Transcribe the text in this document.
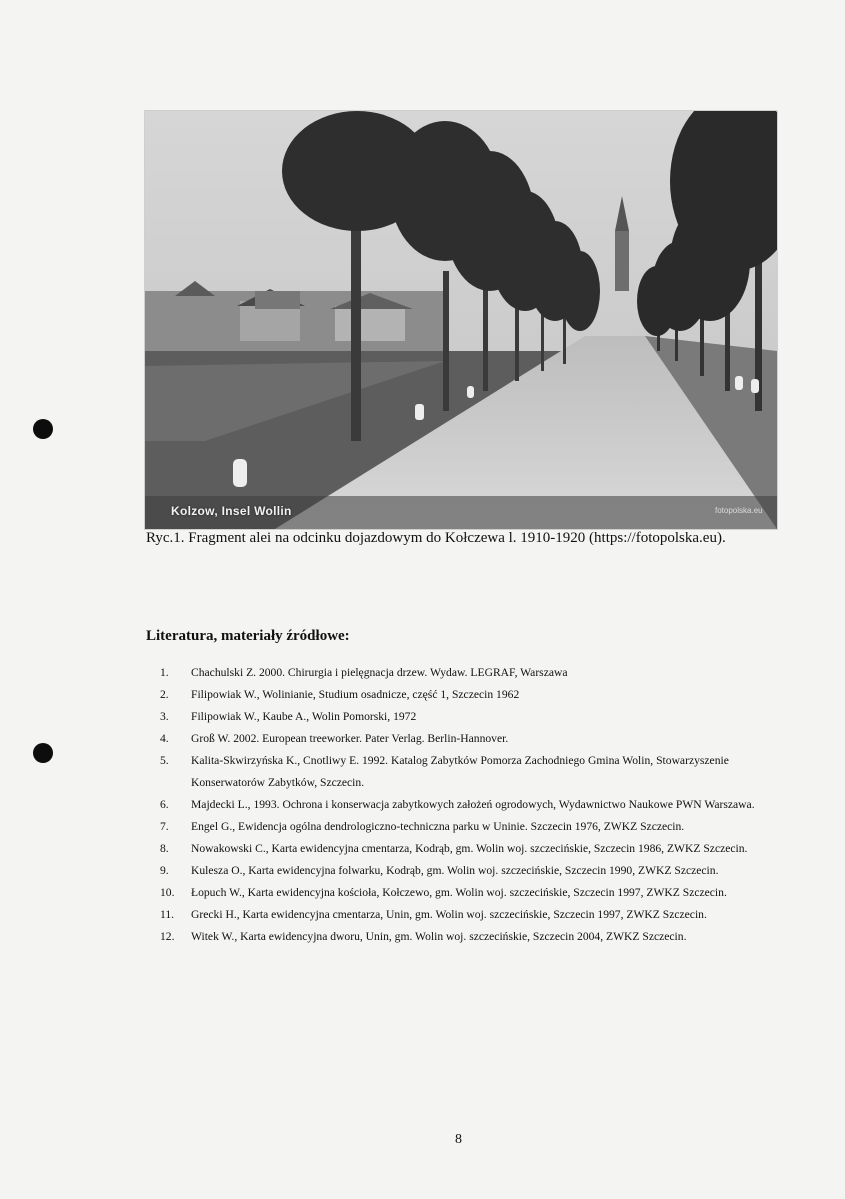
Kolzow, Insel Wollin	fotopolska.eu
Ryc.1. Fragment alei na odcinku dojazdowym do Kołczewa l. 1910-1920 (https://fotopolska.eu).
Literatura, materiały źródłowe:
1.	Chachulski Z. 2000. Chirurgia i pielęgnacja drzew. Wydaw. LEGRAF, Warszawa
2.	Filipowiak W., Wolinianie, Studium osadnicze, część 1, Szczecin 1962
3.	Filipowiak W., Kaube A., Wolin Pomorski, 1972
4.	Groß W. 2002. European treeworker. Pater Verlag. Berlin-Hannover.
5.	Kalita-Skwirzyńska K., Cnotliwy E. 1992. Katalog Zabytków Pomorza Zachodniego Gmina Wolin, Stowarzyszenie Konserwatorów Zabytków, Szczecin.
6.	Majdecki L., 1993. Ochrona i konserwacja zabytkowych założeń ogrodowych, Wydawnictwo Naukowe PWN Warszawa.
7.	Engel G., Ewidencja ogólna dendrologiczno-techniczna parku w Uninie. Szczecin 1976, ZWKZ Szczecin.
8.	Nowakowski C., Karta ewidencyjna cmentarza, Kodrąb, gm. Wolin woj. szczecińskie, Szczecin 1986, ZWKZ Szczecin.
9.	Kulesza O., Karta ewidencyjna folwarku, Kodrąb, gm. Wolin woj. szczecińskie, Szczecin 1990, ZWKZ Szczecin.
10.	Łopuch W., Karta ewidencyjna kościoła, Kołczewo, gm. Wolin woj. szczecińskie, Szczecin 1997, ZWKZ Szczecin.
11.	Grecki H., Karta ewidencyjna cmentarza, Unin, gm. Wolin woj. szczecińskie, Szczecin 1997, ZWKZ Szczecin.
12.	Witek W., Karta ewidencyjna dworu, Unin, gm. Wolin woj. szczecińskie, Szczecin 2004, ZWKZ Szczecin.
8
